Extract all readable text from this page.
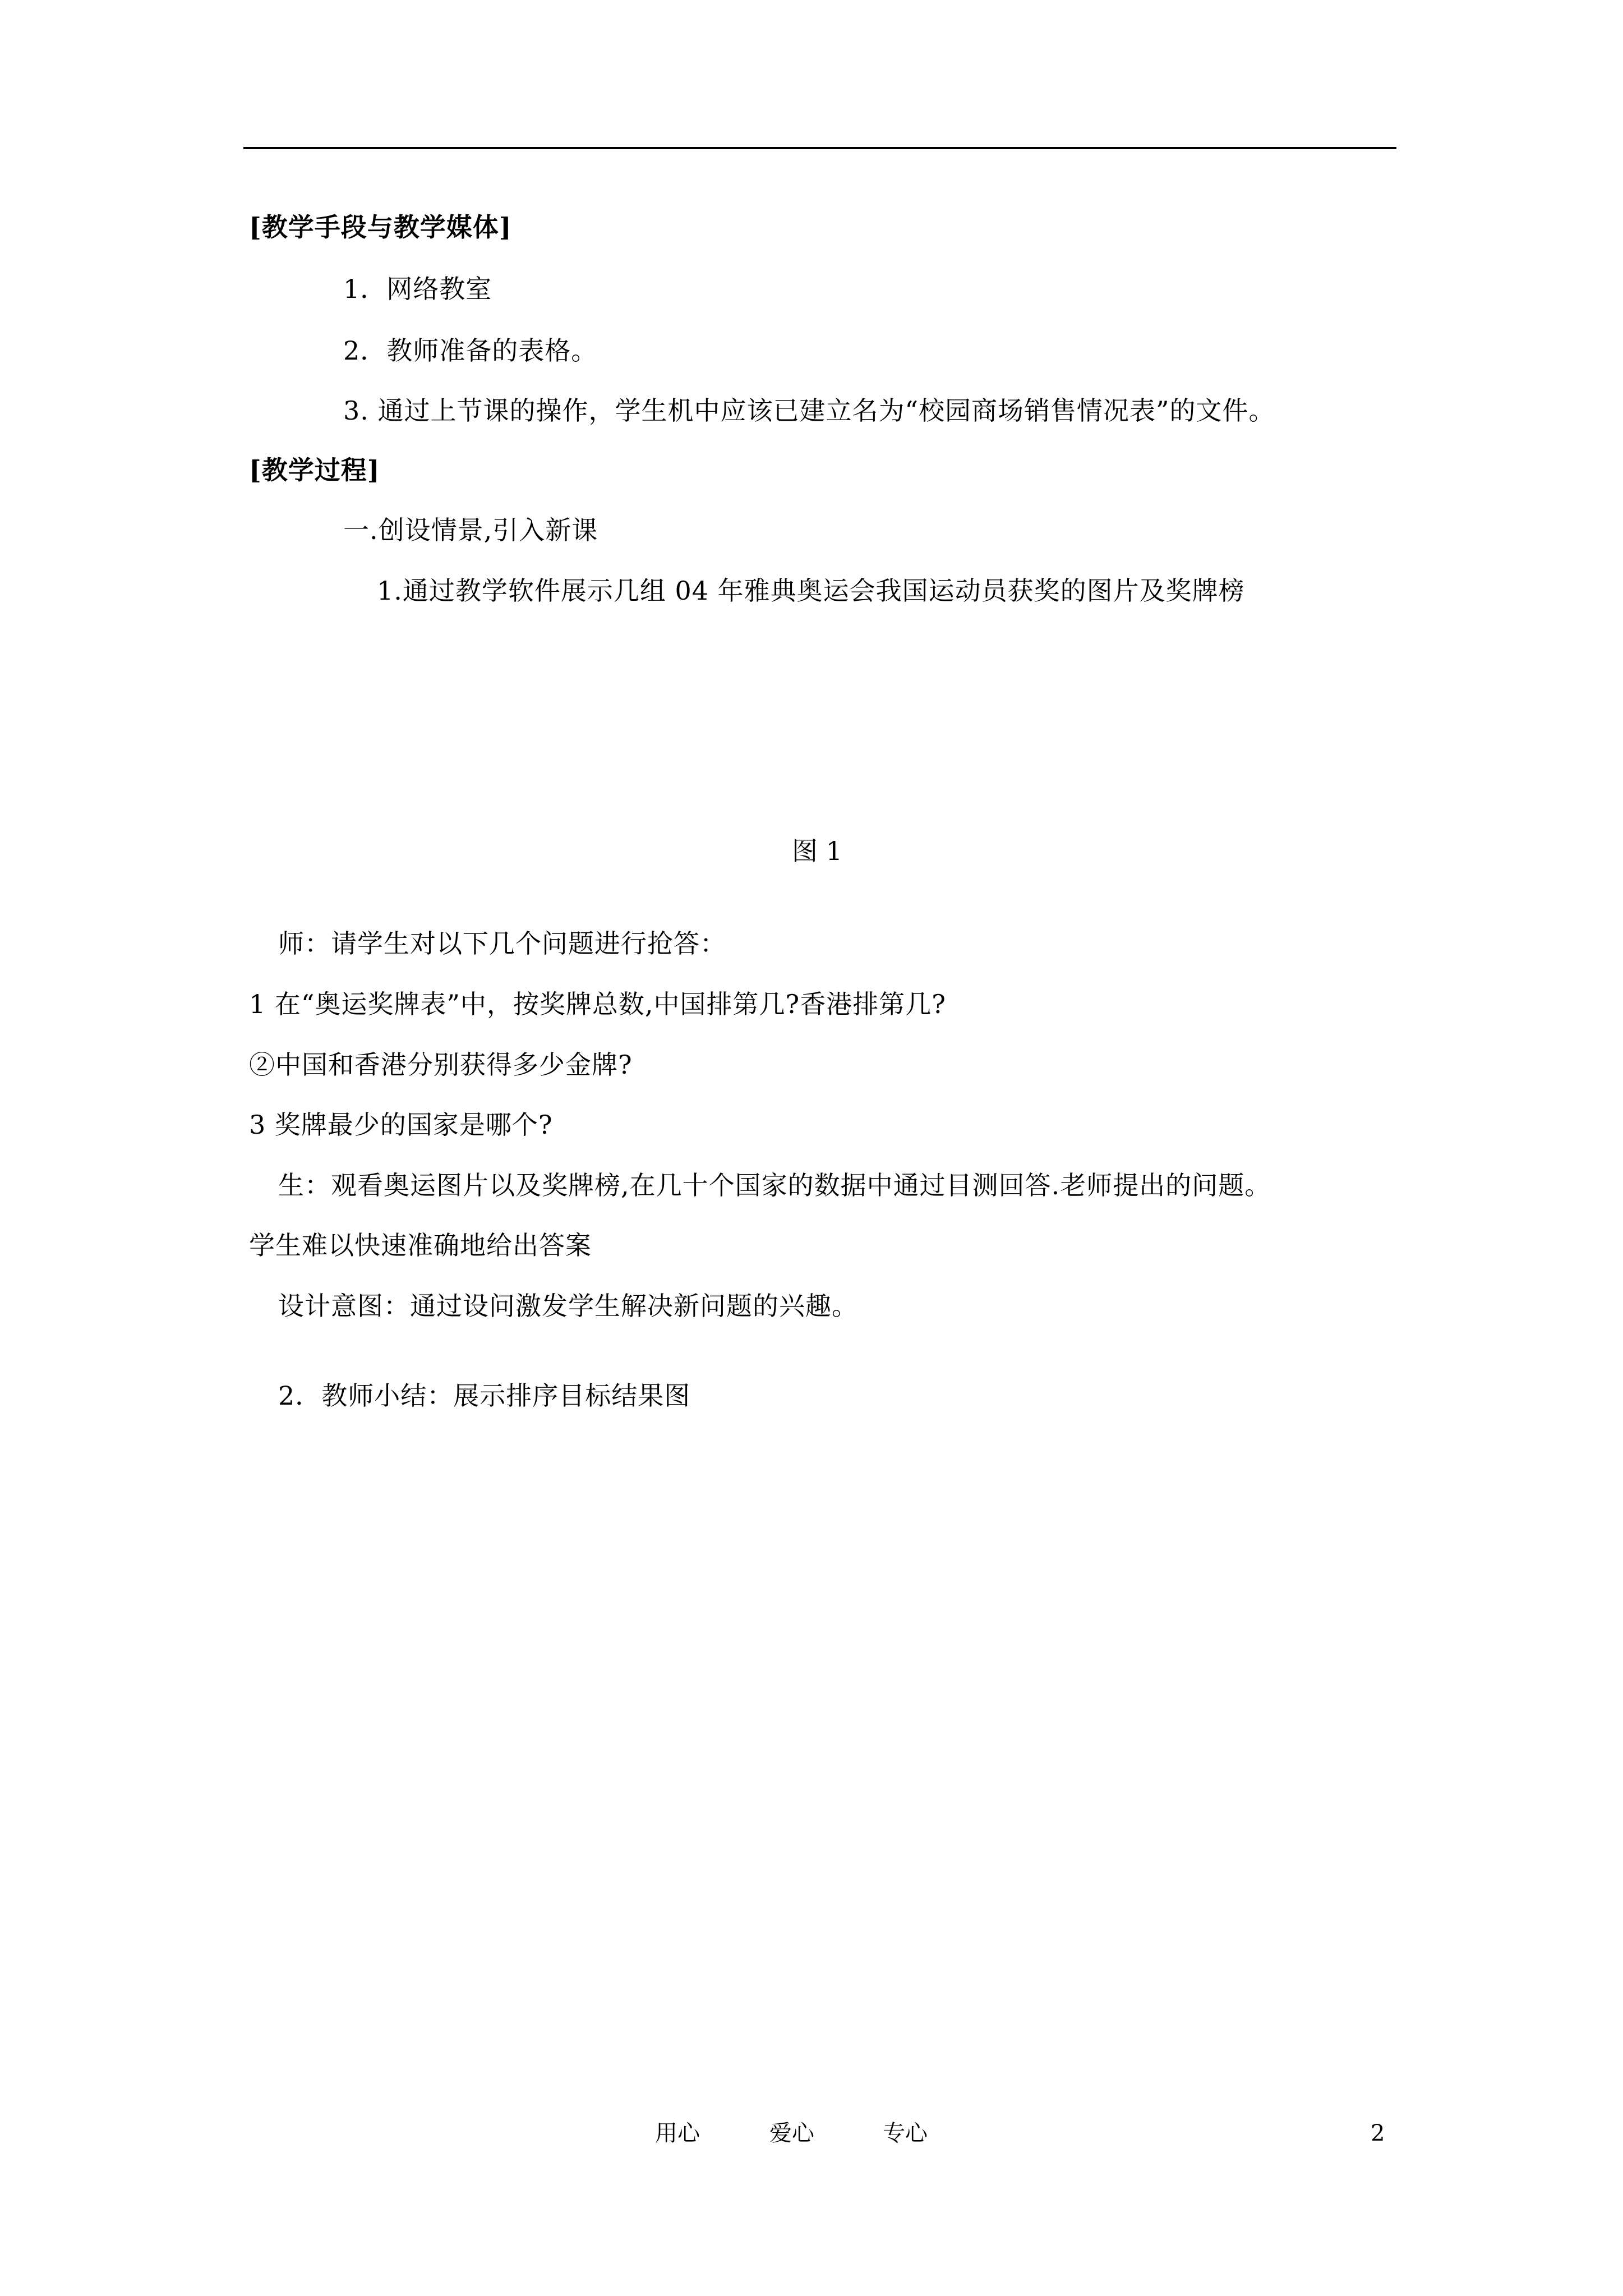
[教学手段与教学媒体]
1．网络教室
2．教师准备的表格。
3. 通过上节课的操作，学生机中应该已建立名为“校园商场销售情况表”的文件。
[教学过程]
一.创设情景,引入新课
1.通过教学软件展示几组 04 年雅典奥运会我国运动员获奖的图片及奖牌榜
图 1
师：请学生对以下几个问题进行抢答：
1 在“奥运奖牌表”中，按奖牌总数,中国排第几?香港排第几?
②中国和香港分别获得多少金牌?
3 奖牌最少的国家是哪个?
生：观看奥运图片以及奖牌榜,在几十个国家的数据中通过目测回答.老师提出的问题。
学生难以快速准确地给出答案
设计意图：通过设问激发学生解决新问题的兴趣。
2．教师小结：展示排序目标结果图
用心	爱心	专心	2
